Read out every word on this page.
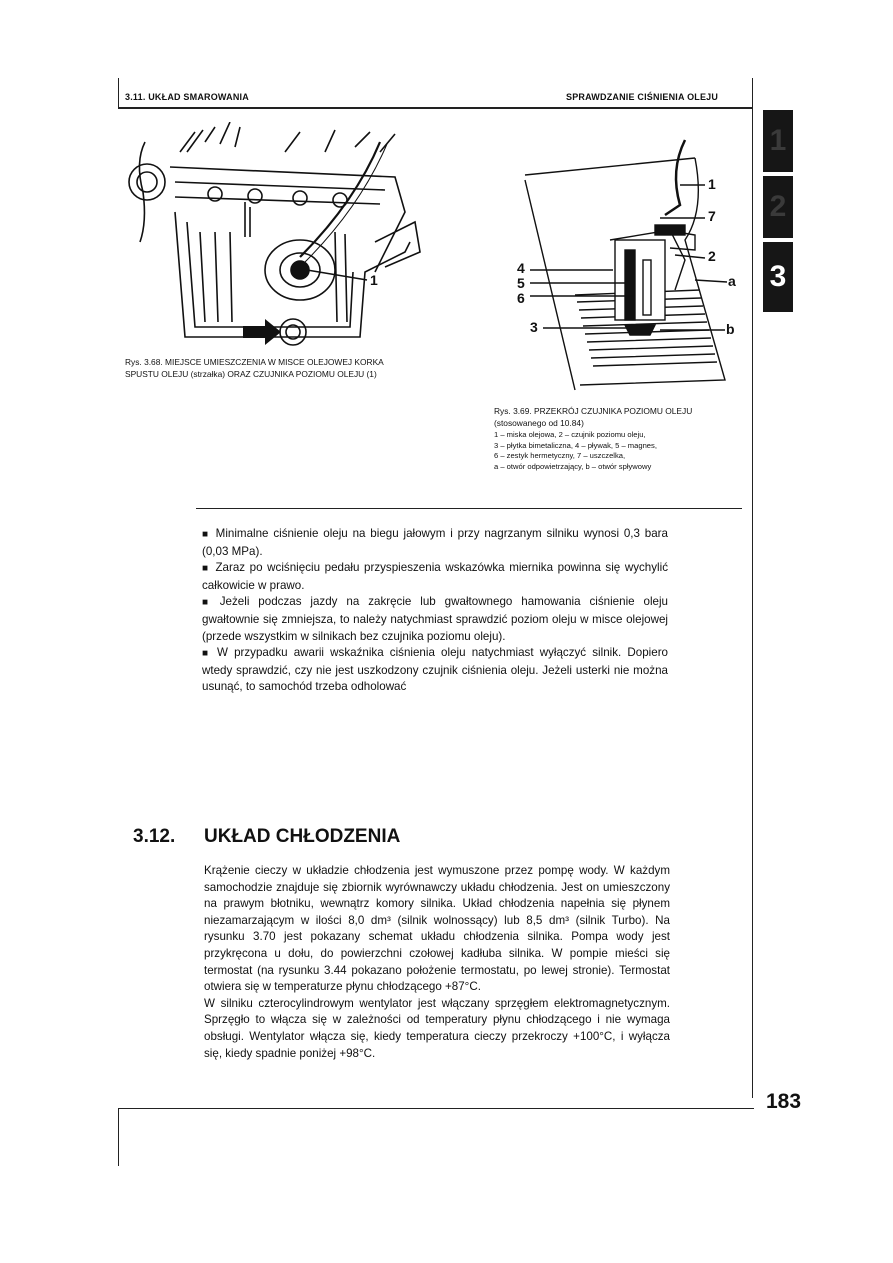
3.11. UKŁAD SMAROWANIA	SPRAWDZANIE CIŚNIENIA OLEJU
1
2
3
1
Rys. 3.68. MIEJSCE UMIESZCZENIA W MISCE OLEJOWEJ KORKA SPUSTU OLEJU (strzałka) ORAZ CZUJNIKA POZIOMU OLEJU (1)
1
7
2
4
5
6
a
3	b
Rys. 3.69. PRZEKRÓJ CZUJNIKA POZIOMU OLEJU (stosowanego od 10.84)
1 – miska olejowa, 2 – czujnik poziomu oleju,
3 – płytka bimetaliczna, 4 – pływak, 5 – magnes,
6 – zestyk hermetyczny, 7 – uszczelka,
a – otwór odpowietrzający, b – otwór spływowy

■ Minimalne ciśnienie oleju na biegu jałowym i przy nagrzanym silniku wynosi 0,3 bara (0,03 MPa).

■ Zaraz po wciśnięciu pedału przyspieszenia wskazówka miernika powinna się wychylić całkowicie w prawo.

■ Jeżeli podczas jazdy na zakręcie lub gwałtownego hamowania ciśnienie oleju gwałtownie się zmniejsza, to należy natychmiast sprawdzić poziom oleju w misce olejowej (przede wszystkim w silnikach bez czujnika poziomu oleju).

■ W przypadku awarii wskaźnika ciśnienia oleju natychmiast wyłączyć silnik. Dopiero wtedy sprawdzić, czy nie jest uszkodzony czujnik ciśnienia oleju. Jeżeli usterki nie można usunąć, to samochód trzeba odholować

3.12. UKŁAD CHŁODZENIA

Krążenie cieczy w układzie chłodzenia jest wymuszone przez pompę wody. W każdym samochodzie znajduje się zbiornik wyrównawczy układu chłodzenia. Jest on umieszczony na prawym błotniku, wewnątrz komory silnika. Układ chłodzenia napełnia się płynem niezamarzającym w ilości 8,0 dm³ (silnik wolnossący) lub 8,5 dm³ (silnik Turbo). Na rysunku 3.70 jest pokazany schemat układu chłodzenia silnika. Pompa wody jest przykręcona u dołu, do powierzchni czołowej kadłuba silnika. W pompie mieści się termostat (na rysunku 3.44 pokazano położenie termostatu, po lewej stronie). Termostat otwiera się w temperaturze płynu chłodzącego +87°C.

W silniku czterocylindrowym wentylator jest włączany sprzęgłem elektromagnetycznym. Sprzęgło to włącza się w zależności od temperatury płynu chłodzącego i nie wymaga obsługi. Wentylator włącza się, kiedy temperatura cieczy przekroczy +100°C, i wyłącza się, kiedy spadnie poniżej +98°C.

183
